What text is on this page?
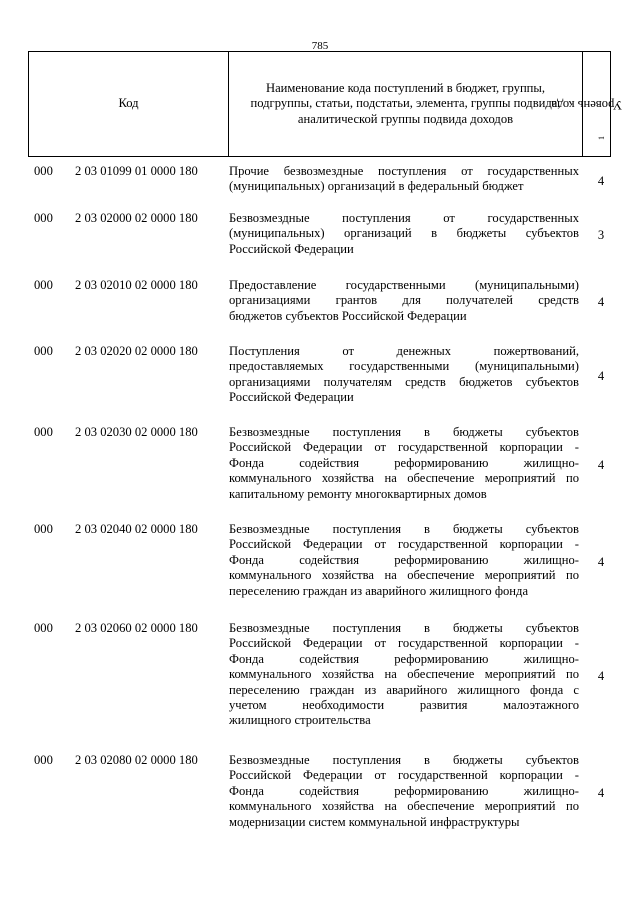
785
Код
Наименование кода поступлений в бюджет, группы, подгруппы, статьи, подстатьи, элемента, группы подвида, аналитической группы подвида доходов
Уровень кода
$^1$
000	2 03 01099 01 0000 180	Прочие безвозмездные поступления от государственных
(муниципальных) организаций в федеральный бюджет	4
000	2 03 02000 02 0000 180	Безвозмездные поступления от государственных
(муниципальных) организаций в бюджеты субъектов
Российской Федерации
3
000	2 03 02010 02 0000 180	Предоставление государственными (муниципальными)
организациями грантов для получателей средств
бюджетов субъектов Российской Федерации
4
000	2 03 02020 02 0000 180	Поступления от денежных пожертвований,
предоставляемых государственными (муниципальными)
организациями получателям средств бюджетов субъектов
Российской Федерации
4
000	2 03 02030 02 0000 180	Безвозмездные поступления в бюджеты субъектов
Российской Федерации от государственной корпорации -
Фонда содействия реформированию жилищно-
коммунального хозяйства на обеспечение мероприятий по
капитальному ремонту многоквартирных домов
4
000	2 03 02040 02 0000 180	Безвозмездные поступления в бюджеты субъектов
Российской Федерации от государственной корпорации -
Фонда содействия реформированию жилищно-
коммунального хозяйства на обеспечение мероприятий по
переселению граждан из аварийного жилищного фонда
4
000	2 03 02060 02 0000 180	Безвозмездные поступления в бюджеты субъектов
Российской Федерации от государственной корпорации -
Фонда содействия реформированию жилищно-
коммунального хозяйства на обеспечение мероприятий по
переселению граждан из аварийного жилищного фонда с
учетом необходимости развития малоэтажного
жилищного строительства
4
000	2 03 02080 02 0000 180	Безвозмездные поступления в бюджеты субъектов
Российской Федерации от государственной корпорации -
Фонда содействия реформированию жилищно-
коммунального хозяйства на обеспечение мероприятий по
модернизации систем коммунальной инфраструктуры
4
